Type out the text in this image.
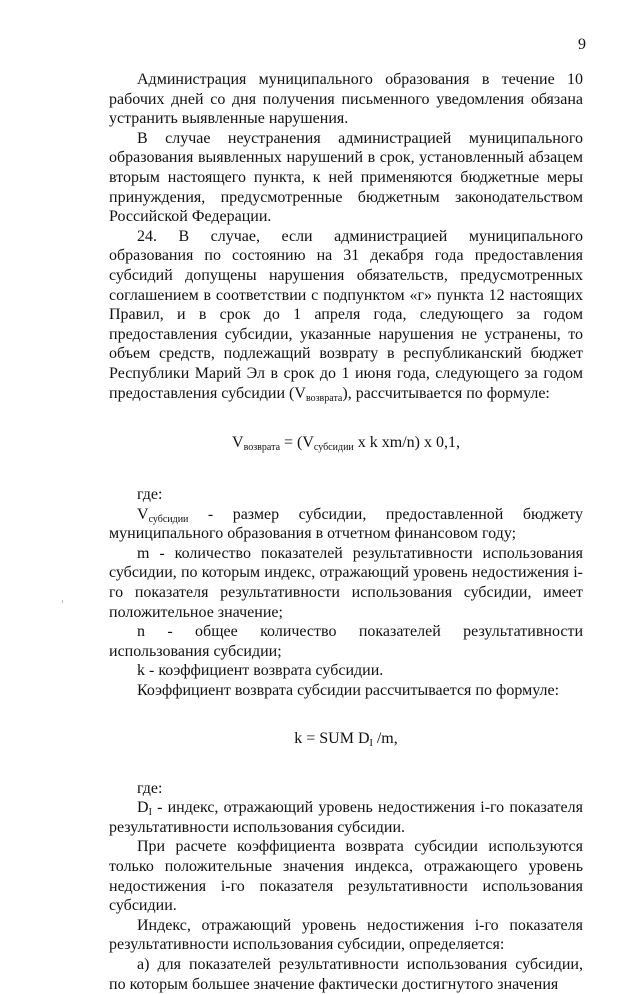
9

Администрация муниципального образования в течение 10 рабочих дней со дня получения письменного уведомления обязана устранить выявленные нарушения.

В случае неустранения администрацией муниципального образования выявленных нарушений в срок, установленный абзацем вторым настоящего пункта, к ней применяются бюджетные меры принуждения, предусмотренные бюджетным законодательством Российской Федерации.

24. В случае, если администрацией муниципального образования по состоянию на 31 декабря года предоставления субсидий допущены нарушения обязательств, предусмотренных соглашением в соответствии с подпунктом «г» пункта 12 настоящих Правил, и в срок до 1 апреля года, следующего за годом предоставления субсидии, указанные нарушения не устранены, то объем средств, подлежащий возврату в республиканский бюджет Республики Марий Эл в срок до 1 июня года, следующего за годом предоставления субсидии $(V_{возврата})$, рассчитывается по формуле:

$V_{возврата} = (V_{субсидии}$ x k xm/n) x 0,1,

где:

$V_{субсидии}$ - размер субсидии, предоставленной бюджету муниципального образования в отчетном финансовом году;

m - количество показателей результативности использования субсидии, по которым индекс, отражающий уровень недостижения i-го показателя результативности использования субсидии, имеет положительное значение;

n - общее количество показателей результативности использования субсидии;

k - коэффициент возврата субсидии.

Коэффициент возврата субсидии рассчитывается по формуле:

k = SUM $D_I$ /m,

где:

$D_I$ - индекс, отражающий уровень недостижения i-го показателя результативности использования субсидии.

При расчете коэффициента возврата субсидии используются только положительные значения индекса, отражающего уровень недостижения i-го показателя результативности использования субсидии.

Индекс, отражающий уровень недостижения i-го показателя результативности использования субсидии, определяется:

а) для показателей результативности использования субсидии, по которым большее значение фактически достигнутого значения
